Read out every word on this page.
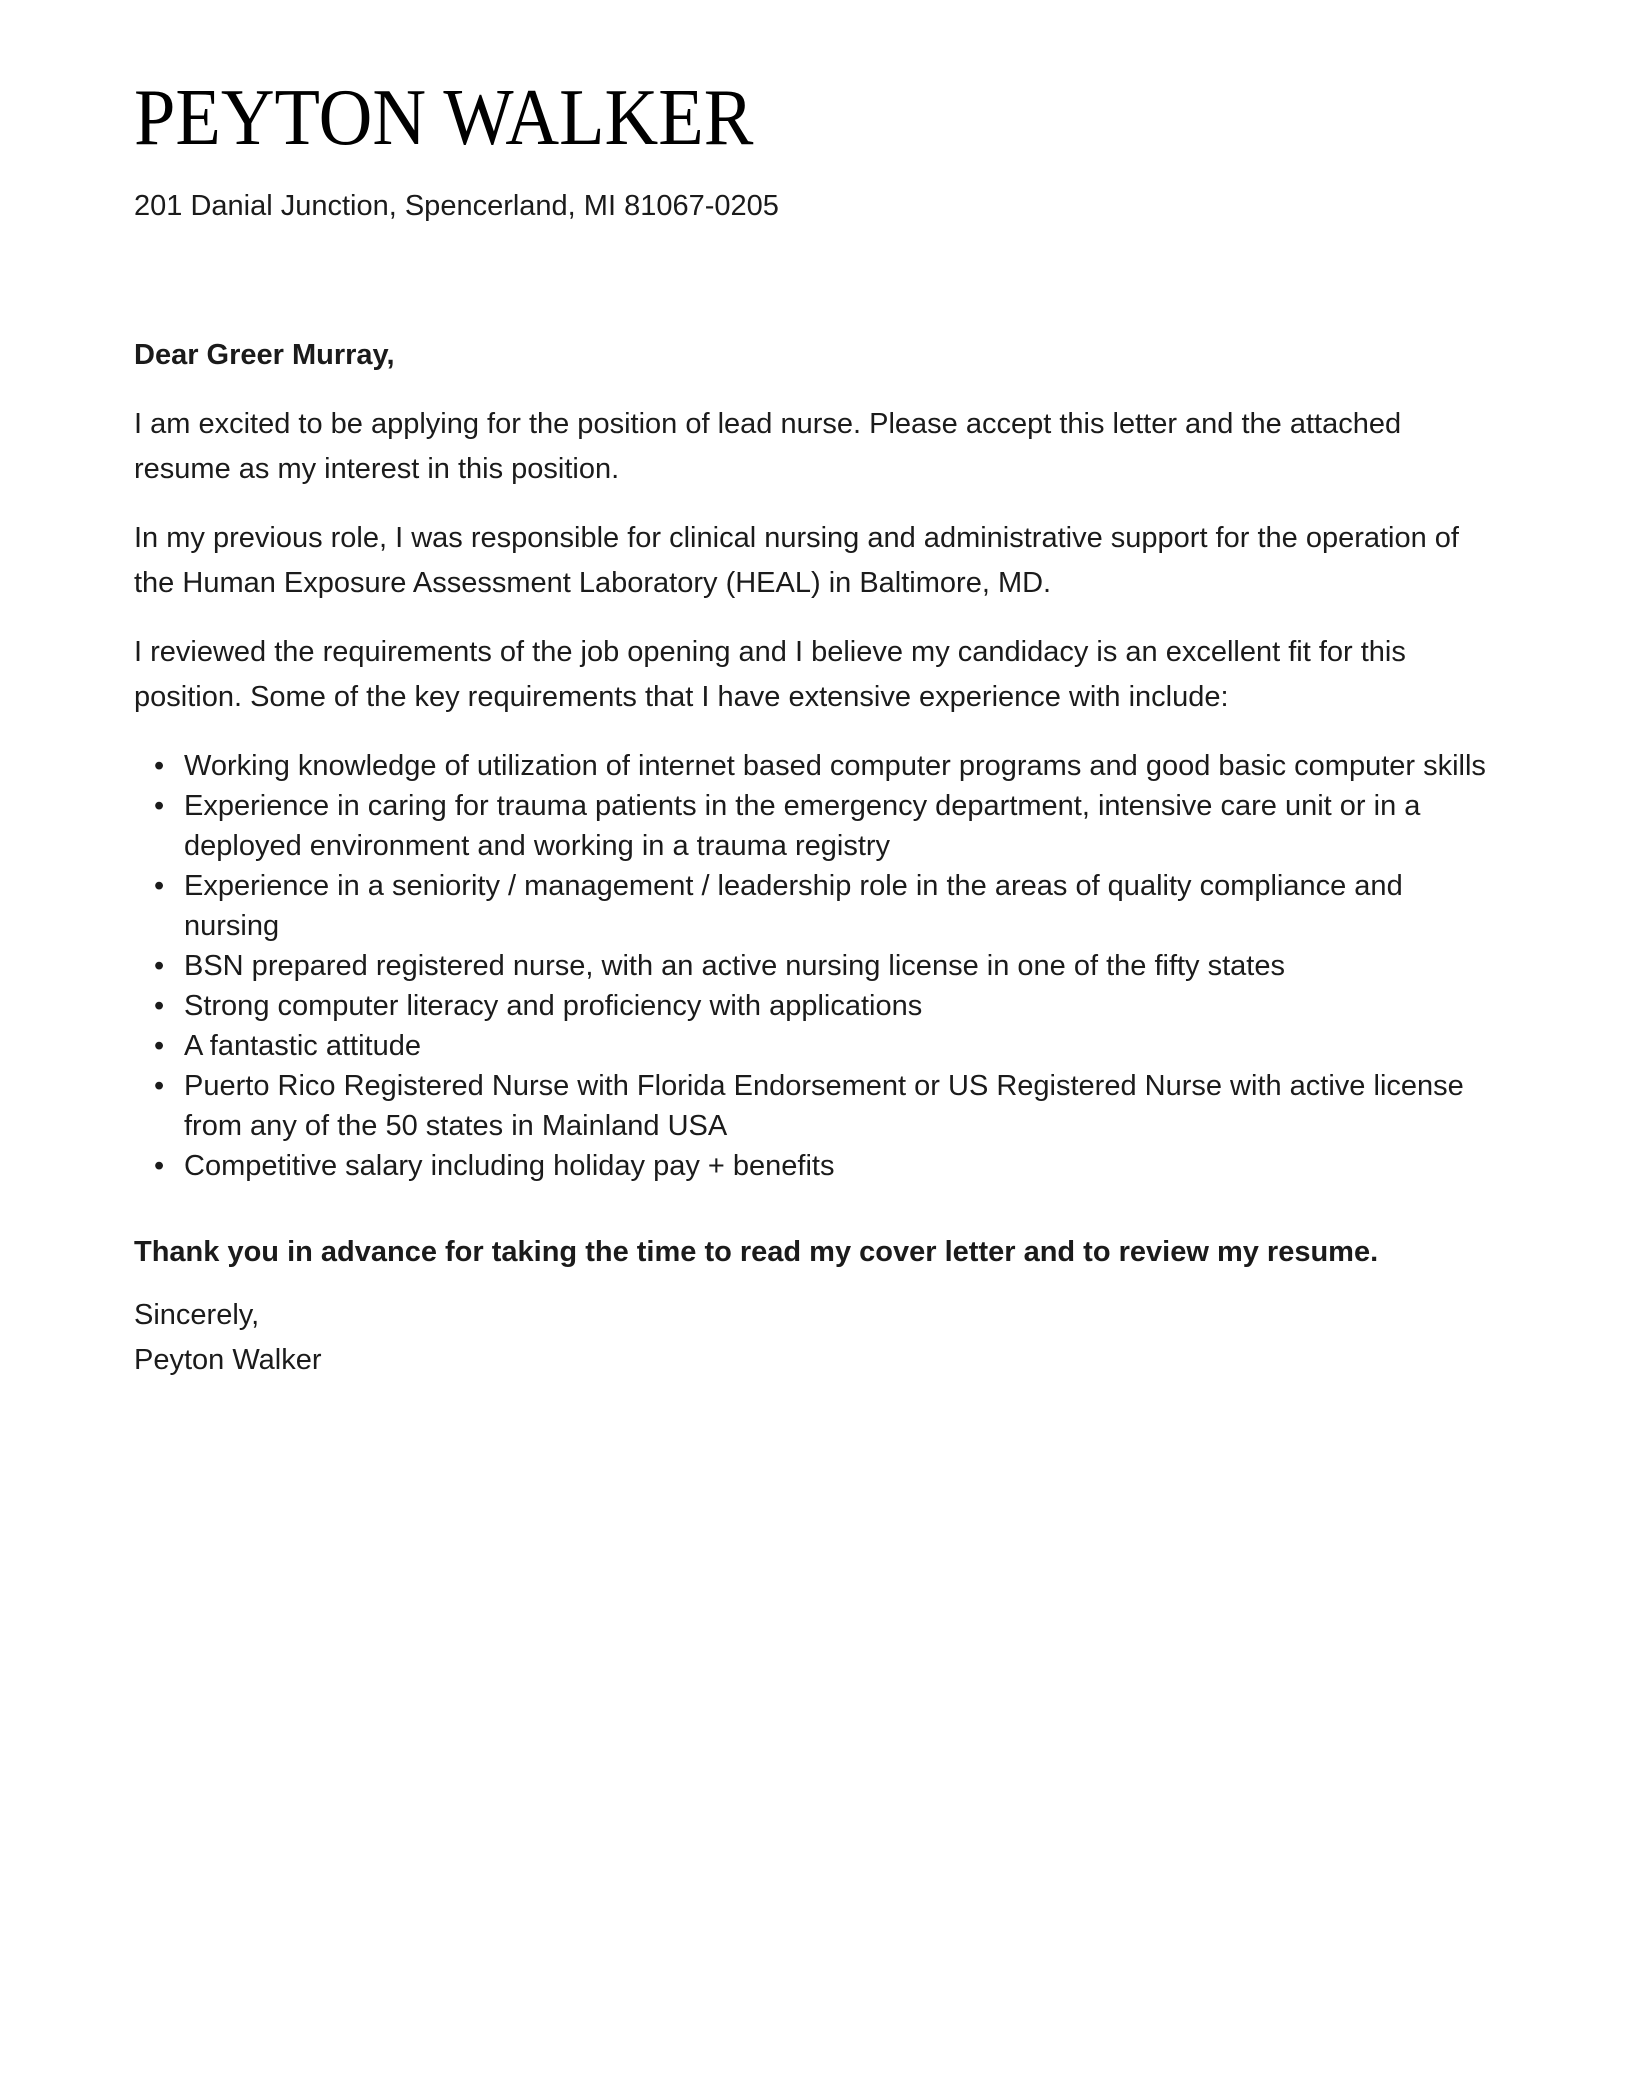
PEYTON WALKER
201 Danial Junction, Spencerland, MI 81067-0205

Dear Greer Murray,

I am excited to be applying for the position of lead nurse. Please accept this letter and the attached resume as my interest in this position.

In my previous role, I was responsible for clinical nursing and administrative support for the operation of the Human Exposure Assessment Laboratory (HEAL) in Baltimore, MD.

I reviewed the requirements of the job opening and I believe my candidacy is an excellent fit for this position. Some of the key requirements that I have extensive experience with include:

• Working knowledge of utilization of internet based computer programs and good basic computer skills
• Experience in caring for trauma patients in the emergency department, intensive care unit or in a deployed environment and working in a trauma registry
• Experience in a seniority / management / leadership role in the areas of quality compliance and nursing
• BSN prepared registered nurse, with an active nursing license in one of the fifty states
• Strong computer literacy and proficiency with applications
• A fantastic attitude
• Puerto Rico Registered Nurse with Florida Endorsement or US Registered Nurse with active license from any of the 50 states in Mainland USA
• Competitive salary including holiday pay + benefits

Thank you in advance for taking the time to read my cover letter and to review my resume.

Sincerely,
Peyton Walker
